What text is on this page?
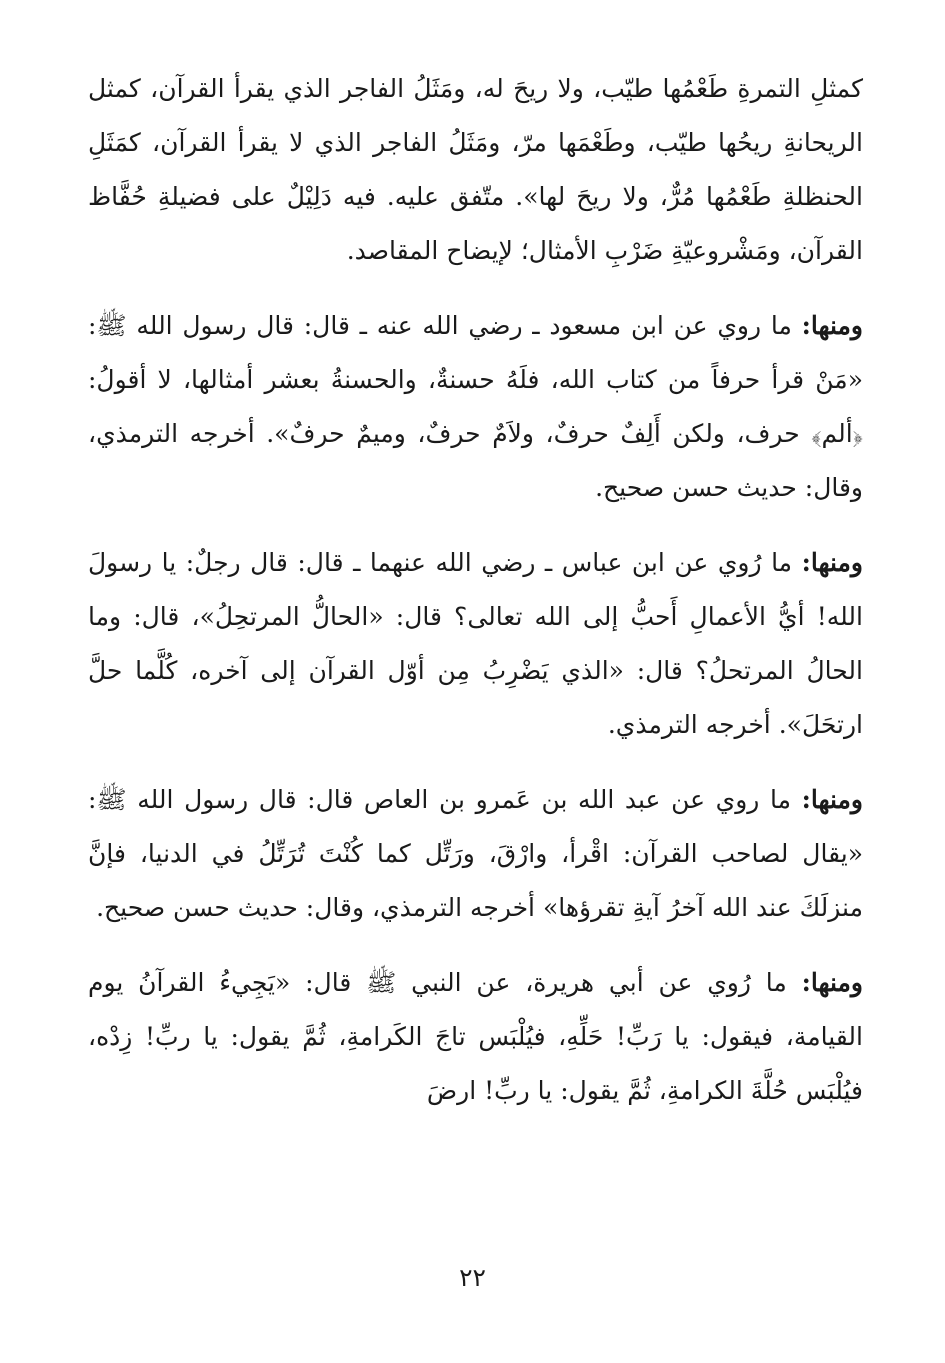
كمثلِ التمرةِ طَعْمُها طيّب، ولا ريحَ له، ومَثَلُ الفاجر الذي يقرأ القرآن، كمثل الريحانةِ ريحُها طيّب، وطَعْمَها مرّ، ومَثَلُ الفاجر الذي لا يقرأ القرآن، كمَثَلِ الحنظلةِ طَعْمُها مُرٌّ، ولا ريحَ لها». متّفق عليه. فيه دَلِيْلٌ على فضيلةِ حُفَّاظ القرآن، ومَشْروعيّةِ ضَرْبِ الأمثال؛ لإيضاح المقاصد.

ومنها: ما روي عن ابن مسعود ـ رضي الله عنه ـ قال: قال رسول الله ﷺ: «مَنْ قرأ حرفاً من كتاب الله، فلَهُ حسنةٌ، والحسنةُ بعشر أمثالها، لا أقولُ: ﴿ألم﴾ حرف، ولكن أَلِفٌ حرفٌ، ولاَمٌ حرفٌ، وميمٌ حرفٌ». أخرجه الترمذي، وقال: حديث حسن صحيح.

ومنها: ما رُوي عن ابن عباس ـ رضي الله عنهما ـ قال: قال رجلٌ: يا رسولَ الله! أيُّ الأعمالِ أَحبُّ إلى الله تعالى؟ قال: «الحالُّ المرتحِلُ»، قال: وما الحالُ المرتحلُ؟ قال: «الذي يَضْرِبُ مِن أوّل القرآن إلى آخره، كُلَّما حلَّ ارتحَلَ». أخرجه الترمذي.

ومنها: ما روي عن عبد الله بن عَمرو بن العاص قال: قال رسول الله ﷺ: «يقال لصاحب القرآن: اقْرأ، وارْقَ، ورَتِّل كما كُنْتَ تُرَتِّلُ في الدنيا، فإنَّ منزلَكَ عند الله آخرُ آيةِ تقرؤها» أخرجه الترمذي، وقال: حديث حسن صحيح.

ومنها: ما رُوي عن أبي هريرة، عن النبي ﷺ قال: «يَجِيءُ القرآنُ يوم القيامة، فيقول: يا رَبِّ! حَلِّهِ، فيُلْبَس تاجَ الكَرامةِ، ثُمَّ يقول: يا ربِّ! زِدْه، فيُلْبَس حُلَّةَ الكرامةِ، ثُمَّ يقول: يا ربِّ! ارضَ

٢٢
